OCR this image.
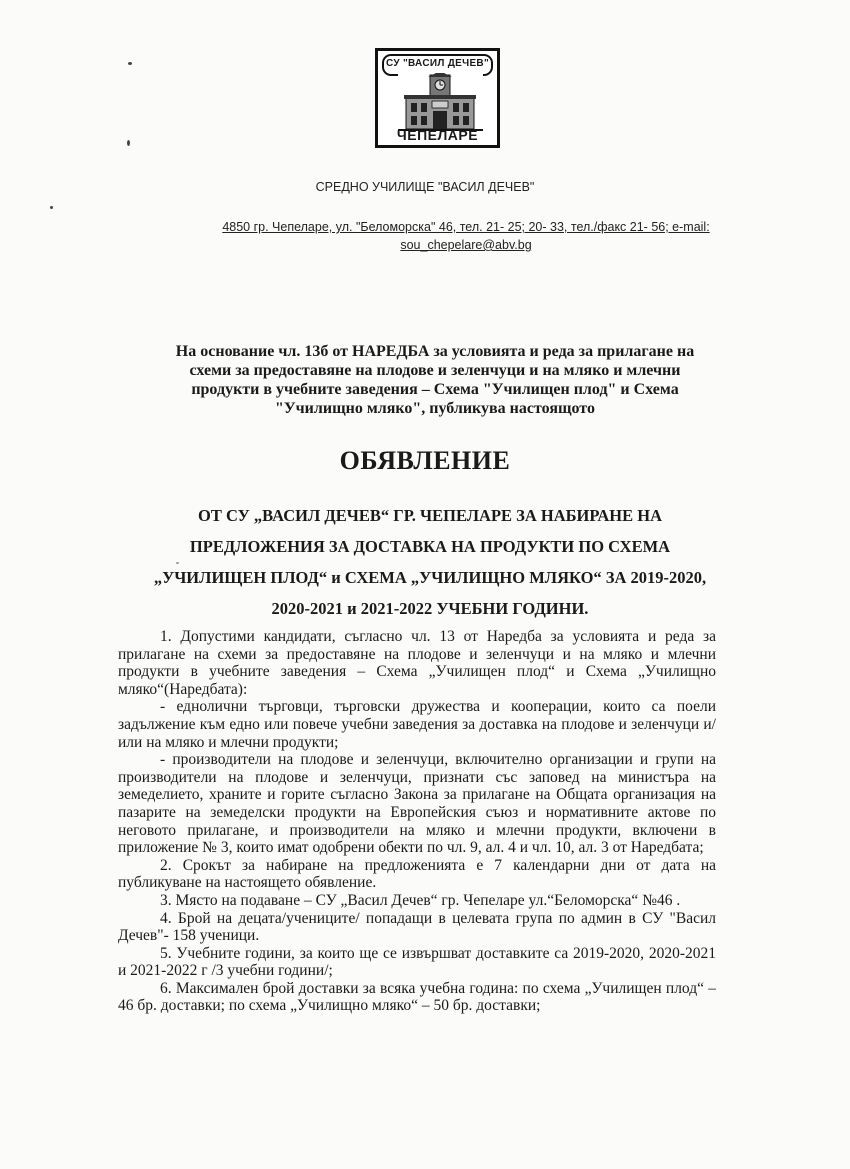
СУ "ВАСИЛ ДЕЧЕВ"
ЧЕПЕЛАРЕ
СРЕДНО УЧИЛИЩЕ "ВАСИЛ ДЕЧЕВ"
4850 гр. Чепеларе, ул. "Беломорска" 46, тел. 21- 25; 20- 33, тел./факс 21- 56; e-mail: sou_chepelare@abv.bg
На основание чл. 13б от НАРЕДБА за условията и реда за прилагане на схеми за предоставяне на плодове и зеленчуци и на мляко и млечни продукти в учебните заведения – Схема "Училищен плод" и Схема "Училищно мляко", публикува настоящото
ОБЯВЛЕНИЕ
ОТ СУ „ВАСИЛ ДЕЧЕВ“ ГР. ЧЕПЕЛАРЕ ЗА НАБИРАНЕ НА ПРЕДЛОЖЕНИЯ ЗА ДОСТАВКА НА ПРОДУКТИ ПО СХЕМА „УЧИЛИЩЕН ПЛОД“ и СХЕМА „УЧИЛИЩНО МЛЯКО“ ЗА 2019-2020, 2020-2021 и 2021-2022 УЧЕБНИ ГОДИНИ.

1. Допустими кандидати, съгласно чл. 13 от Наредба за условията и реда за прилагане на схеми за предоставяне на плодове и зеленчуци и на мляко и млечни продукти в учебните заведения – Схема „Училищен плод“ и Схема „Училищно мляко“(Наредбата):

- еднолични търговци, търговски дружества и кооперации, които са поели задължение към едно или повече учебни заведения за доставка на плодове и зеленчуци и/или на мляко и млечни продукти;

- производители на плодове и зеленчуци, включително организации и групи на производители на плодове и зеленчуци, признати със заповед на министъра на земеделието, храните и горите съгласно Закона за прилагане на Общата организация на пазарите на земеделски продукти на Европейския съюз и нормативните актове по неговото прилагане, и производители на мляко и млечни продукти, включени в приложение № 3, които имат одобрени обекти по чл. 9, ал. 4 и чл. 10, ал. 3 от Наредбата;

2. Срокът за набиране на предложенията е 7 календарни дни от дата на публикуване на настоящето обявление.

3. Място на подаване – СУ „Васил Дечев“ гр. Чепеларе ул.“Беломорска“ №46 .

4. Брой на децата/учениците/ попадащи в целевата група по админ в СУ "Васил Дечев"- 158 ученици.

5. Учебните години, за които ще се извършват доставките са 2019-2020, 2020-2021 и 2021-2022 г /3 учебни години/;

6. Максимален брой доставки за всяка учебна година: по схема „Училищен плод“ – 46 бр. доставки; по схема „Училищно мляко“ – 50 бр. доставки;
